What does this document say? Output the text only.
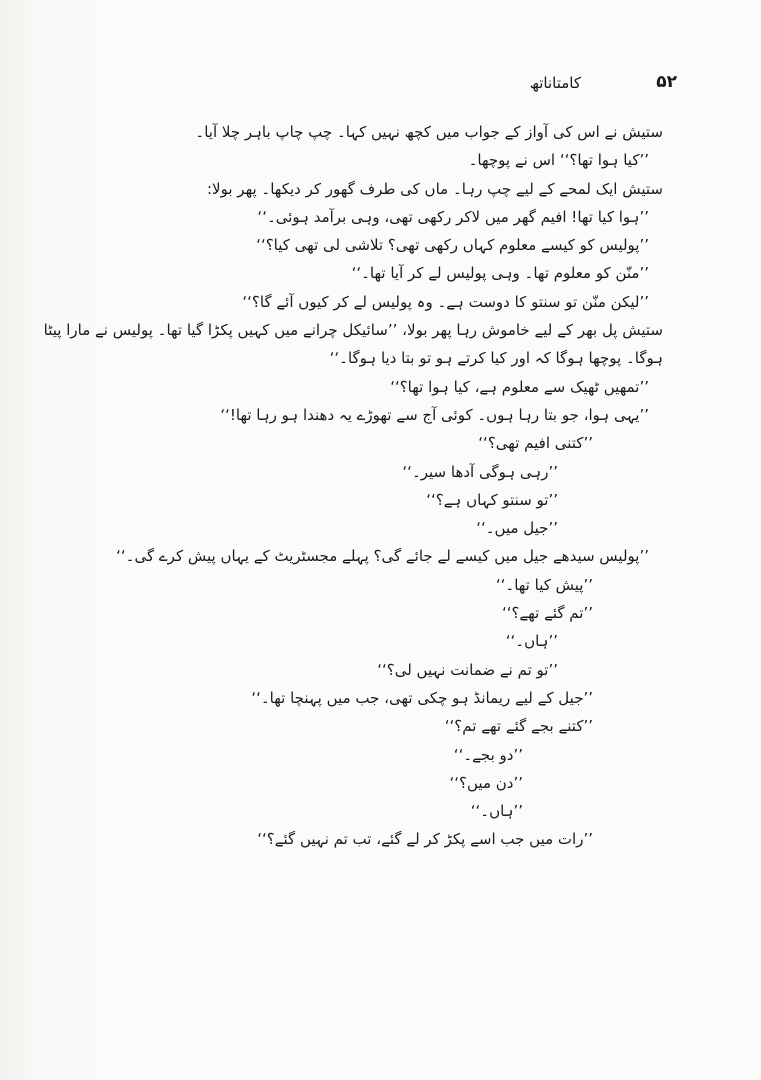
۵۲
کامتاناتھ
ستیش نے اس کی آواز کے جواب میں کچھ نہیں کہا۔ چپ چاپ باہر چلا آیا۔
’’کیا ہوا تھا؟‘‘ اس نے پوچھا۔
ستیش ایک لمحے کے لیے چپ رہا۔ ماں کی طرف گھور کر دیکھا۔ پھر بولا:
’’ہوا کیا تھا! افیم گھر میں لاکر رکھی تھی، وہی برآمد ہوئی۔‘‘
’’پولیس کو کیسے معلوم کہاں رکھی تھی؟ تلاشی لی تھی کیا؟‘‘
’’منّن کو معلوم تھا۔ وہی پولیس لے کر آیا تھا۔‘‘
’’لیکن منّن تو سنتو کا دوست ہے۔ وہ پولیس لے کر کیوں آئے گا؟‘‘
ستیش پل بھر کے لیے خاموش رہا پھر بولا، ’’سائیکل چرانے میں کہیں پکڑا گیا تھا۔ پولیس نے مارا پیٹا
ہوگا۔ پوچھا ہوگا کہ اور کیا کرتے ہو تو بتا دیا ہوگا۔‘‘
’’تمھیں ٹھیک سے معلوم ہے، کیا ہوا تھا؟‘‘
’’یہی ہوا، جو بتا رہا ہوں۔ کوئی آج سے تھوڑے یہ دھندا ہو رہا تھا!‘‘
’’کتنی افیم تھی؟‘‘
’’رہی ہوگی آدھا سیر۔‘‘
’’تو سنتو کہاں ہے؟‘‘
’’جیل میں۔‘‘
’’پولیس سیدھے جیل میں کیسے لے جائے گی؟ پہلے مجسٹریٹ کے یہاں پیش کرے گی۔‘‘
’’پیش کیا تھا۔‘‘
’’تم گئے تھے؟‘‘
’’ہاں۔‘‘
’’تو تم نے ضمانت نہیں لی؟‘‘
’’جیل کے لیے ریمانڈ ہو چکی تھی، جب میں پہنچا تھا۔‘‘
’’کتنے بجے گئے تھے تم؟‘‘
’’دو بجے۔‘‘
’’دن میں؟‘‘
’’ہاں۔‘‘
’’رات میں جب اسے پکڑ کر لے گئے، تب تم نہیں گئے؟‘‘
